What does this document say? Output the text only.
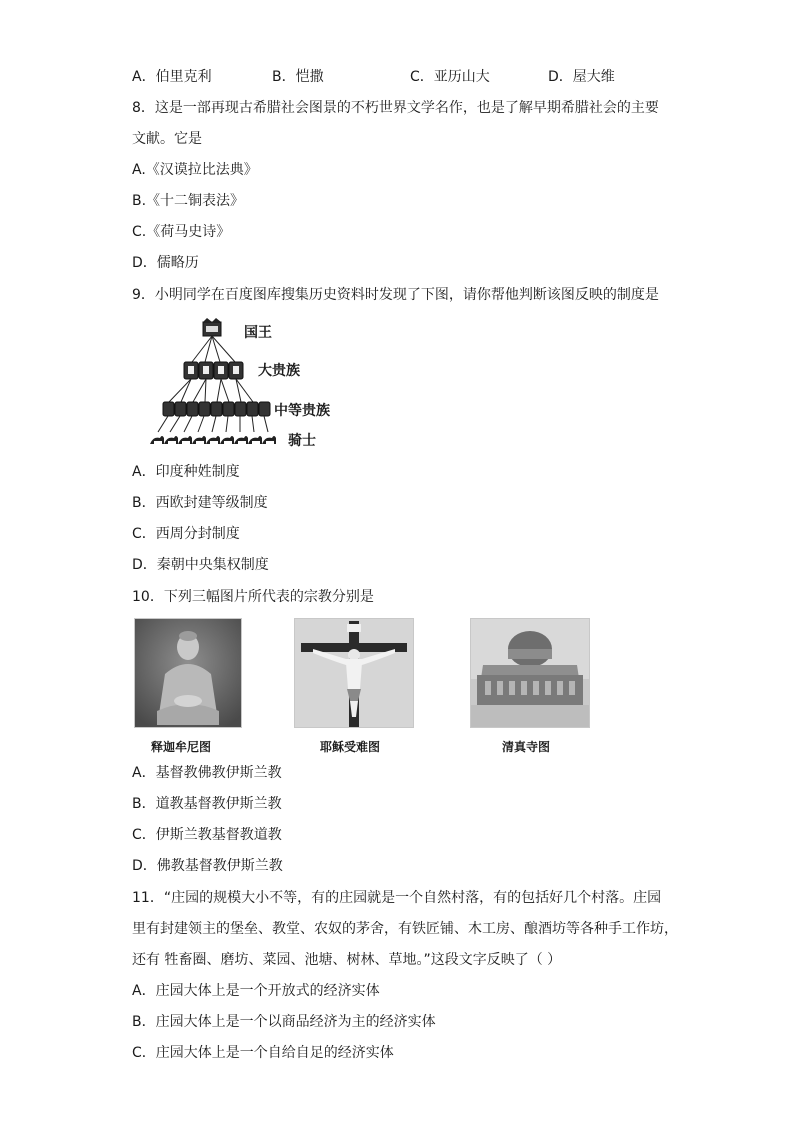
A．伯里克利	B．恺撒	C．亚历山大	D．屋大维
8．这是一部再现古希腊社会图景的不朽世界文学名作，也是了解早期希腊社会的主要
文献。它是
A.《汉谟拉比法典》
B.《十二铜表法》
C.《荷马史诗》
D．儒略历
9．小明同学在百度图库搜集历史资料时发现了下图，请你帮他判断该图反映的制度是
国王
大贵族
中等贵族
骑士
A．印度种姓制度
B．西欧封建等级制度
C．西周分封制度
D．秦朝中央集权制度
10．下列三幅图片所代表的宗教分别是
释迦牟尼图	耶稣受难图	清真寺图
A．基督教佛教伊斯兰教
B．道教基督教伊斯兰教
C．伊斯兰教基督教道教
D．佛教基督教伊斯兰教
11．“庄园的规模大小不等，有的庄园就是一个自然村落，有的包括好几个村落。庄园
里有封建领主的堡垒、教堂、农奴的茅舍，有铁匠铺、木工房、酿酒坊等各种手工作坊，
还有 牲畜圈、磨坊、菜园、池塘、树林、草地。”这段文字反映了（ ）
A．庄园大体上是一个开放式的经济实体
B．庄园大体上是一个以商品经济为主的经济实体
C．庄园大体上是一个自给自足的经济实体
